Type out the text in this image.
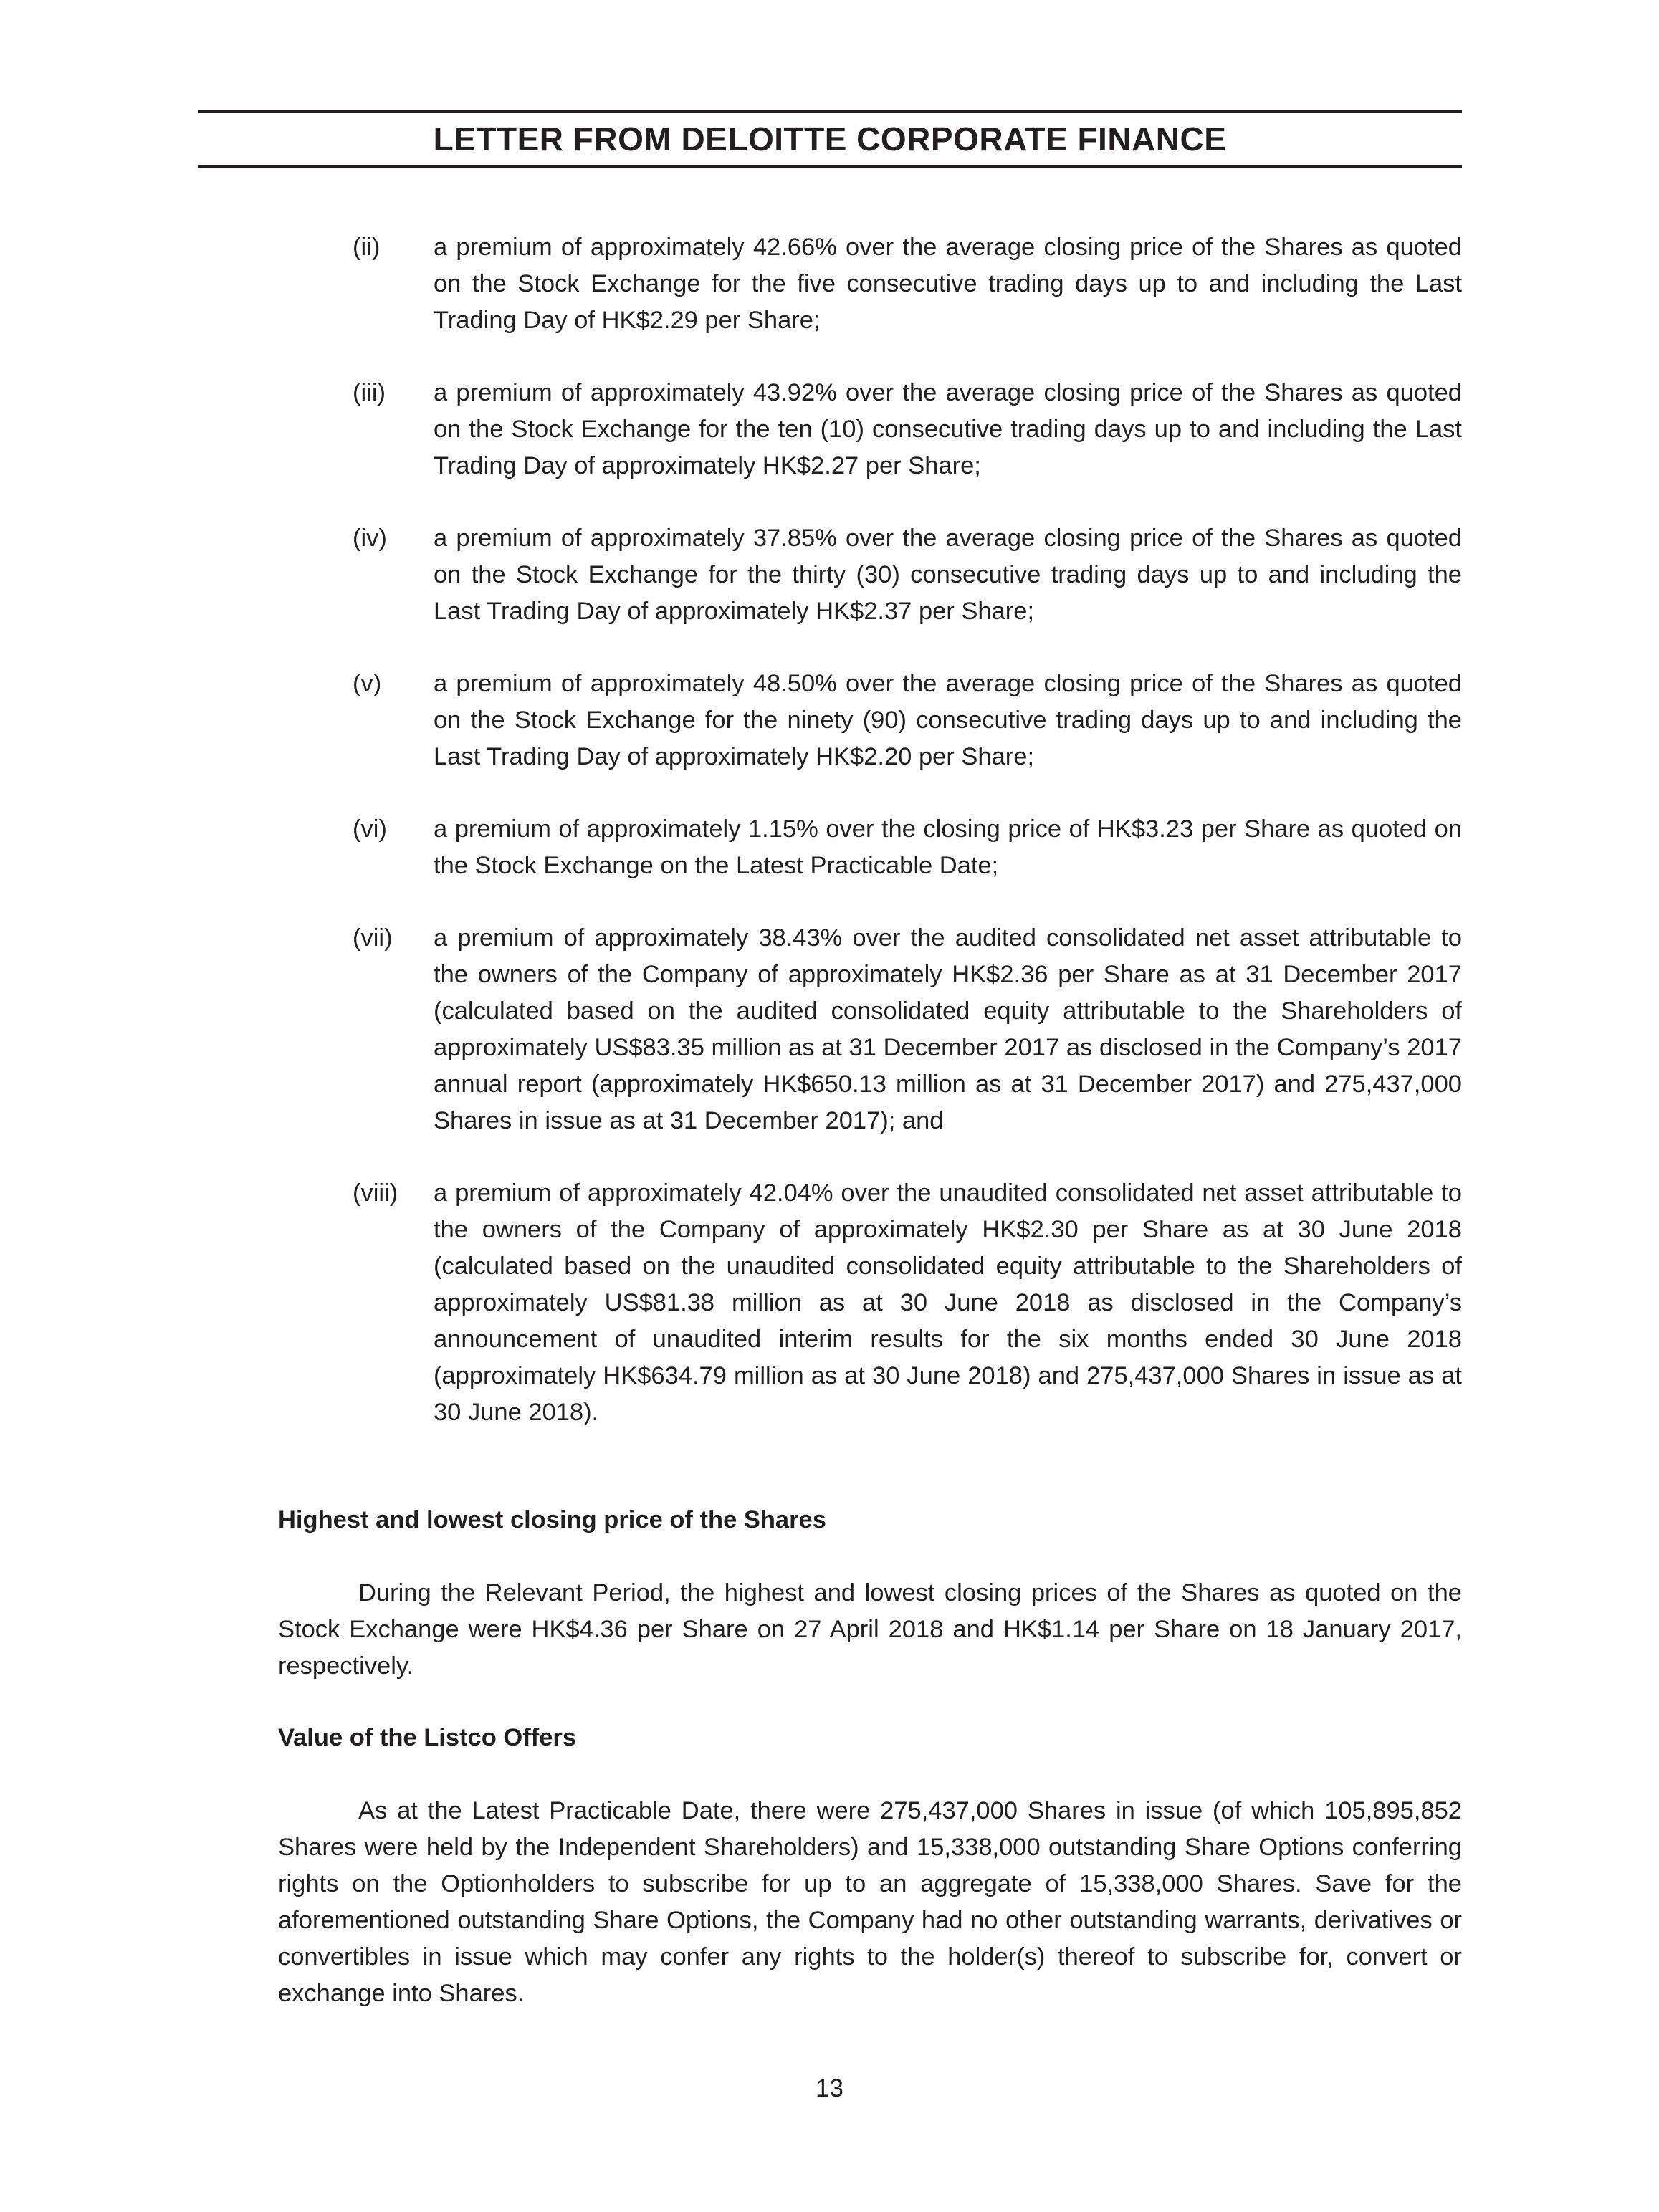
LETTER FROM DELOITTE CORPORATE FINANCE
(ii)	a premium of approximately 42.66% over the average closing price of the Shares as quoted on the Stock Exchange for the five consecutive trading days up to and including the Last Trading Day of HK$2.29 per Share;
(iii)	a premium of approximately 43.92% over the average closing price of the Shares as quoted on the Stock Exchange for the ten (10) consecutive trading days up to and including the Last Trading Day of approximately HK$2.27 per Share;
(iv)	a premium of approximately 37.85% over the average closing price of the Shares as quoted on the Stock Exchange for the thirty (30) consecutive trading days up to and including the Last Trading Day of approximately HK$2.37 per Share;
(v)	a premium of approximately 48.50% over the average closing price of the Shares as quoted on the Stock Exchange for the ninety (90) consecutive trading days up to and including the Last Trading Day of approximately HK$2.20 per Share;
(vi)	a premium of approximately 1.15% over the closing price of HK$3.23 per Share as quoted on the Stock Exchange on the Latest Practicable Date;
(vii)	a premium of approximately 38.43% over the audited consolidated net asset attributable to the owners of the Company of approximately HK$2.36 per Share as at 31 December 2017 (calculated based on the audited consolidated equity attributable to the Shareholders of approximately US$83.35 million as at 31 December 2017 as disclosed in the Company’s 2017 annual report (approximately HK$650.13 million as at 31 December 2017) and 275,437,000 Shares in issue as at 31 December 2017); and
(viii)	a premium of approximately 42.04% over the unaudited consolidated net asset attributable to the owners of the Company of approximately HK$2.30 per Share as at 30 June 2018 (calculated based on the unaudited consolidated equity attributable to the Shareholders of approximately US$81.38 million as at 30 June 2018 as disclosed in the Company’s announcement of unaudited interim results for the six months ended 30 June 2018 (approximately HK$634.79 million as at 30 June 2018) and 275,437,000 Shares in issue as at 30 June 2018).

Highest and lowest closing price of the Shares

During the Relevant Period, the highest and lowest closing prices of the Shares as quoted on the Stock Exchange were HK$4.36 per Share on 27 April 2018 and HK$1.14 per Share on 18 January 2017, respectively.

Value of the Listco Offers

As at the Latest Practicable Date, there were 275,437,000 Shares in issue (of which 105,895,852 Shares were held by the Independent Shareholders) and 15,338,000 outstanding Share Options conferring rights on the Optionholders to subscribe for up to an aggregate of 15,338,000 Shares. Save for the aforementioned outstanding Share Options, the Company had no other outstanding warrants, derivatives or convertibles in issue which may confer any rights to the holder(s) thereof to subscribe for, convert or exchange into Shares.

13
